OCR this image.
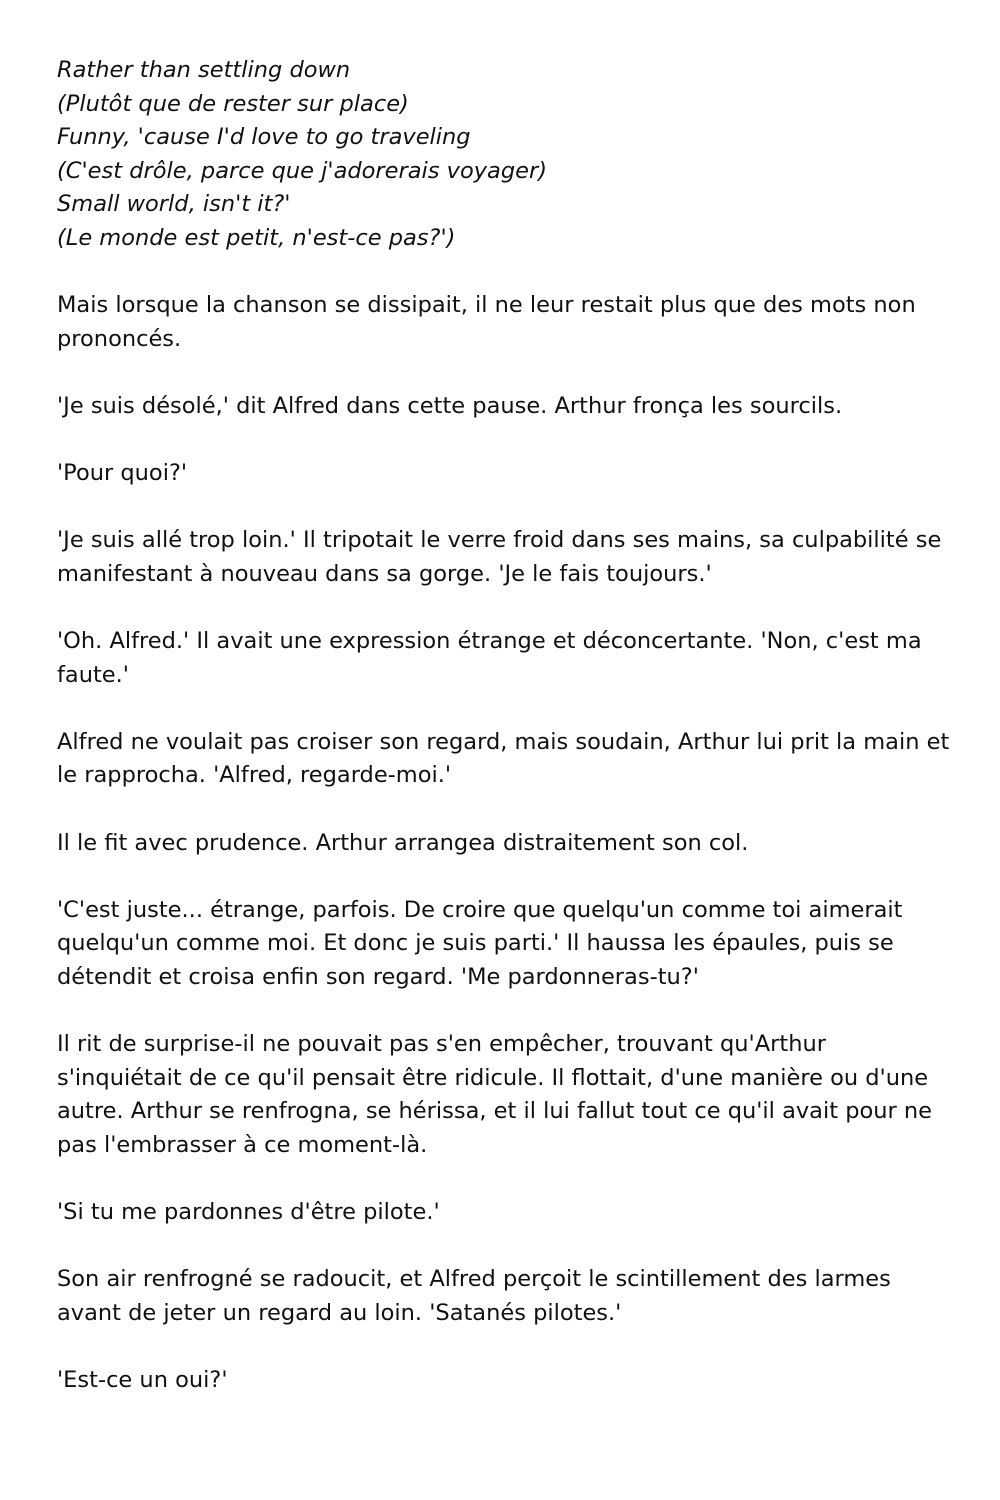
Rather than settling down
(Plutôt que de rester sur place)
Funny, 'cause I'd love to go traveling
(C'est drôle, parce que j'adorerais voyager)
Small world, isn't it?'
(Le monde est petit, n'est-ce pas?')

Mais lorsque la chanson se dissipait, il ne leur restait plus que des mots non prononcés.

'Je suis désolé,' dit Alfred dans cette pause. Arthur fronça les sourcils.

'Pour quoi?'

'Je suis allé trop loin.' Il tripotait le verre froid dans ses mains, sa culpabilité se manifestant à nouveau dans sa gorge. 'Je le fais toujours.'

'Oh. Alfred.' Il avait une expression étrange et déconcertante. 'Non, c'est ma faute.'

Alfred ne voulait pas croiser son regard, mais soudain, Arthur lui prit la main et le rapprocha. 'Alfred, regarde-moi.'

Il le fit avec prudence. Arthur arrangea distraitement son col.

'C'est juste... étrange, parfois. De croire que quelqu'un comme toi aimerait quelqu'un comme moi. Et donc je suis parti.' Il haussa les épaules, puis se détendit et croisa enfin son regard. 'Me pardonneras-tu?'

Il rit de surprise-il ne pouvait pas s'en empêcher, trouvant qu'Arthur s'inquiétait de ce qu'il pensait être ridicule. Il flottait, d'une manière ou d'une autre. Arthur se renfrogna, se hérissa, et il lui fallut tout ce qu'il avait pour ne pas l'embrasser à ce moment-là.

'Si tu me pardonnes d'être pilote.'

Son air renfrogné se radoucit, et Alfred perçoit le scintillement des larmes avant de jeter un regard au loin. 'Satanés pilotes.'

'Est-ce un oui?'
